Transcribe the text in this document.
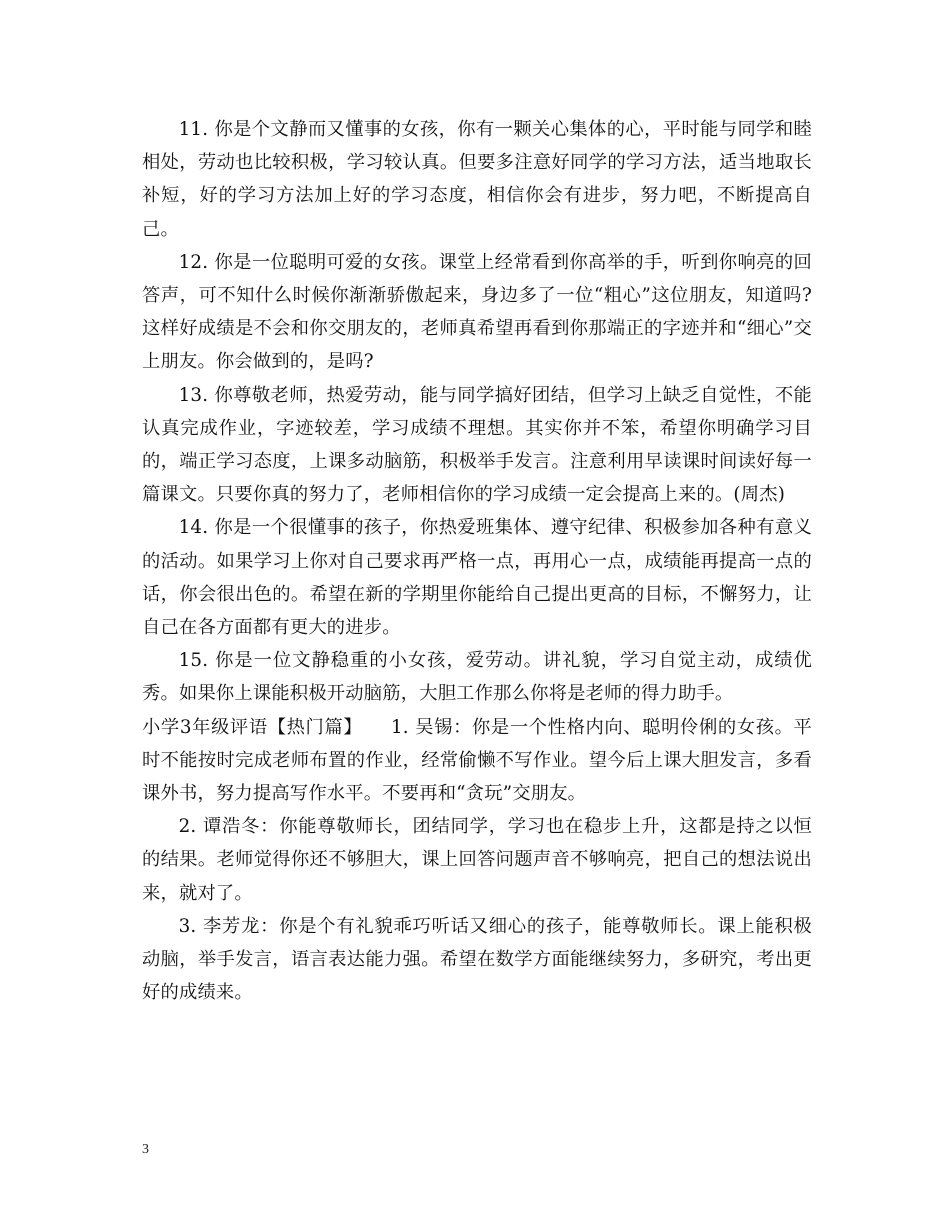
11. 你是个文静而又懂事的女孩，你有一颗关心集体的心，平时能与同学和睦相处，劳动也比较积极，学习较认真。但要多注意好同学的学习方法，适当地取长补短，好的学习方法加上好的学习态度，相信你会有进步，努力吧，不断提高自己。

12. 你是一位聪明可爱的女孩。课堂上经常看到你高举的手，听到你响亮的回答声，可不知什么时候你渐渐骄傲起来，身边多了一位“粗心”这位朋友，知道吗?这样好成绩是不会和你交朋友的，老师真希望再看到你那端正的字迹并和“细心”交上朋友。你会做到的，是吗?

13. 你尊敬老师，热爱劳动，能与同学搞好团结，但学习上缺乏自觉性，不能认真完成作业，字迹较差，学习成绩不理想。其实你并不笨，希望你明确学习目的，端正学习态度，上课多动脑筋，积极举手发言。注意利用早读课时间读好每一篇课文。只要你真的努力了，老师相信你的学习成绩一定会提高上来的。(周杰)

14. 你是一个很懂事的孩子，你热爱班集体、遵守纪律、积极参加各种有意义的活动。如果学习上你对自己要求再严格一点，再用心一点，成绩能再提高一点的话，你会很出色的。希望在新的学期里你能给自己提出更高的目标，不懈努力，让自己在各方面都有更大的进步。

15. 你是一位文静稳重的小女孩，爱劳动。讲礼貌，学习自觉主动，成绩优秀。如果你上课能积极开动脑筋，大胆工作那么你将是老师的得力助手。

小学3年级评语【热门篇】　　1. 吴锡：你是一个性格内向、聪明伶俐的女孩。平时不能按时完成老师布置的作业，经常偷懒不写作业。望今后上课大胆发言，多看课外书，努力提高写作水平。不要再和“贪玩”交朋友。

2. 谭浩冬：你能尊敬师长，团结同学，学习也在稳步上升，这都是持之以恒的结果。老师觉得你还不够胆大，课上回答问题声音不够响亮，把自己的想法说出来，就对了。

3. 李芳龙：你是个有礼貌乖巧听话又细心的孩子，能尊敬师长。课上能积极动脑，举手发言，语言表达能力强。希望在数学方面能继续努力，多研究，考出更好的成绩来。

3
